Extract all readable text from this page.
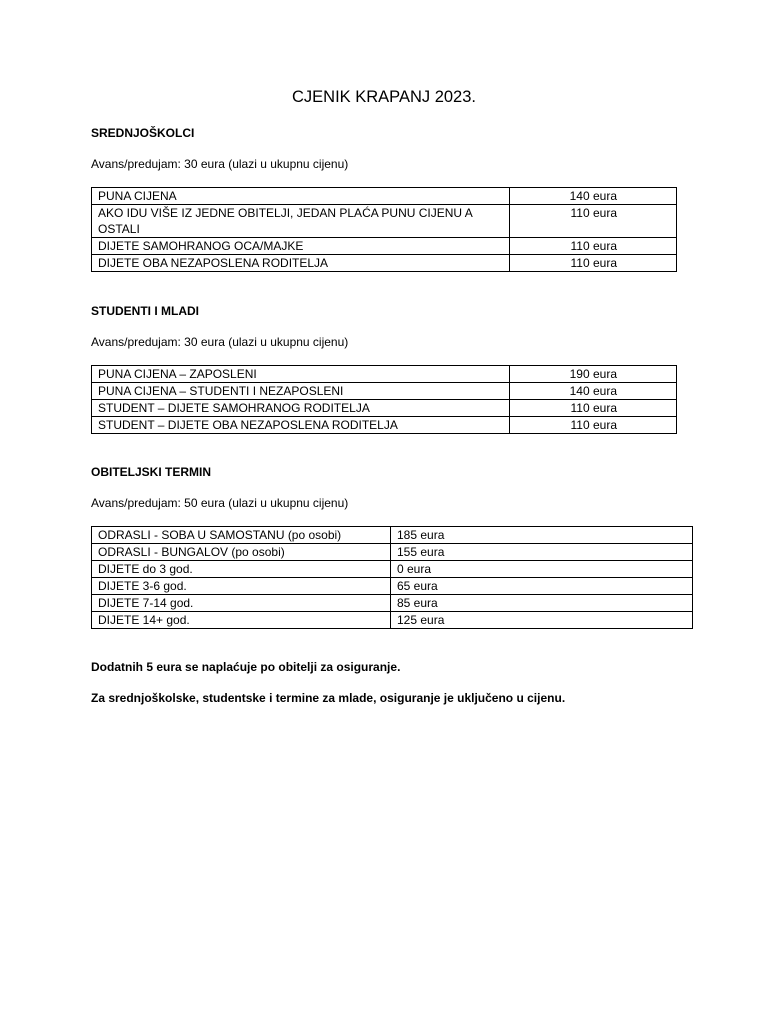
CJENIK KRAPANJ 2023.
SREDNJOŠKOLCI
Avans/predujam: 30 eura (ulazi u ukupnu cijenu)
PUNA CIJENA	140 eura
AKO IDU VIŠE IZ JEDNE OBITELJI, JEDAN PLAĆA PUNU CIJENU A OSTALI	110 eura
DIJETE SAMOHRANOG OCA/MAJKE	110 eura
DIJETE OBA NEZAPOSLENA RODITELJA	110 eura
STUDENTI I MLADI
Avans/predujam: 30 eura (ulazi u ukupnu cijenu)
PUNA CIJENA – ZAPOSLENI	190 eura
PUNA CIJENA – STUDENTI I NEZAPOSLENI	140 eura
STUDENT – DIJETE SAMOHRANOG RODITELJA	110 eura
STUDENT – DIJETE OBA NEZAPOSLENA RODITELJA	110 eura
OBITELJSKI TERMIN
Avans/predujam: 50 eura (ulazi u ukupnu cijenu)
ODRASLI - SOBA U SAMOSTANU (po osobi)	185 eura
ODRASLI - BUNGALOV (po osobi)	155 eura
DIJETE do 3 god.	0 eura
DIJETE 3-6 god.	65 eura
DIJETE 7-14 god.	85 eura
DIJETE 14+ god.	125 eura
Dodatnih 5 eura se naplaćuje po obitelji za osiguranje.
Za srednjoškolske, studentske i termine za mlade, osiguranje je uključeno u cijenu.
